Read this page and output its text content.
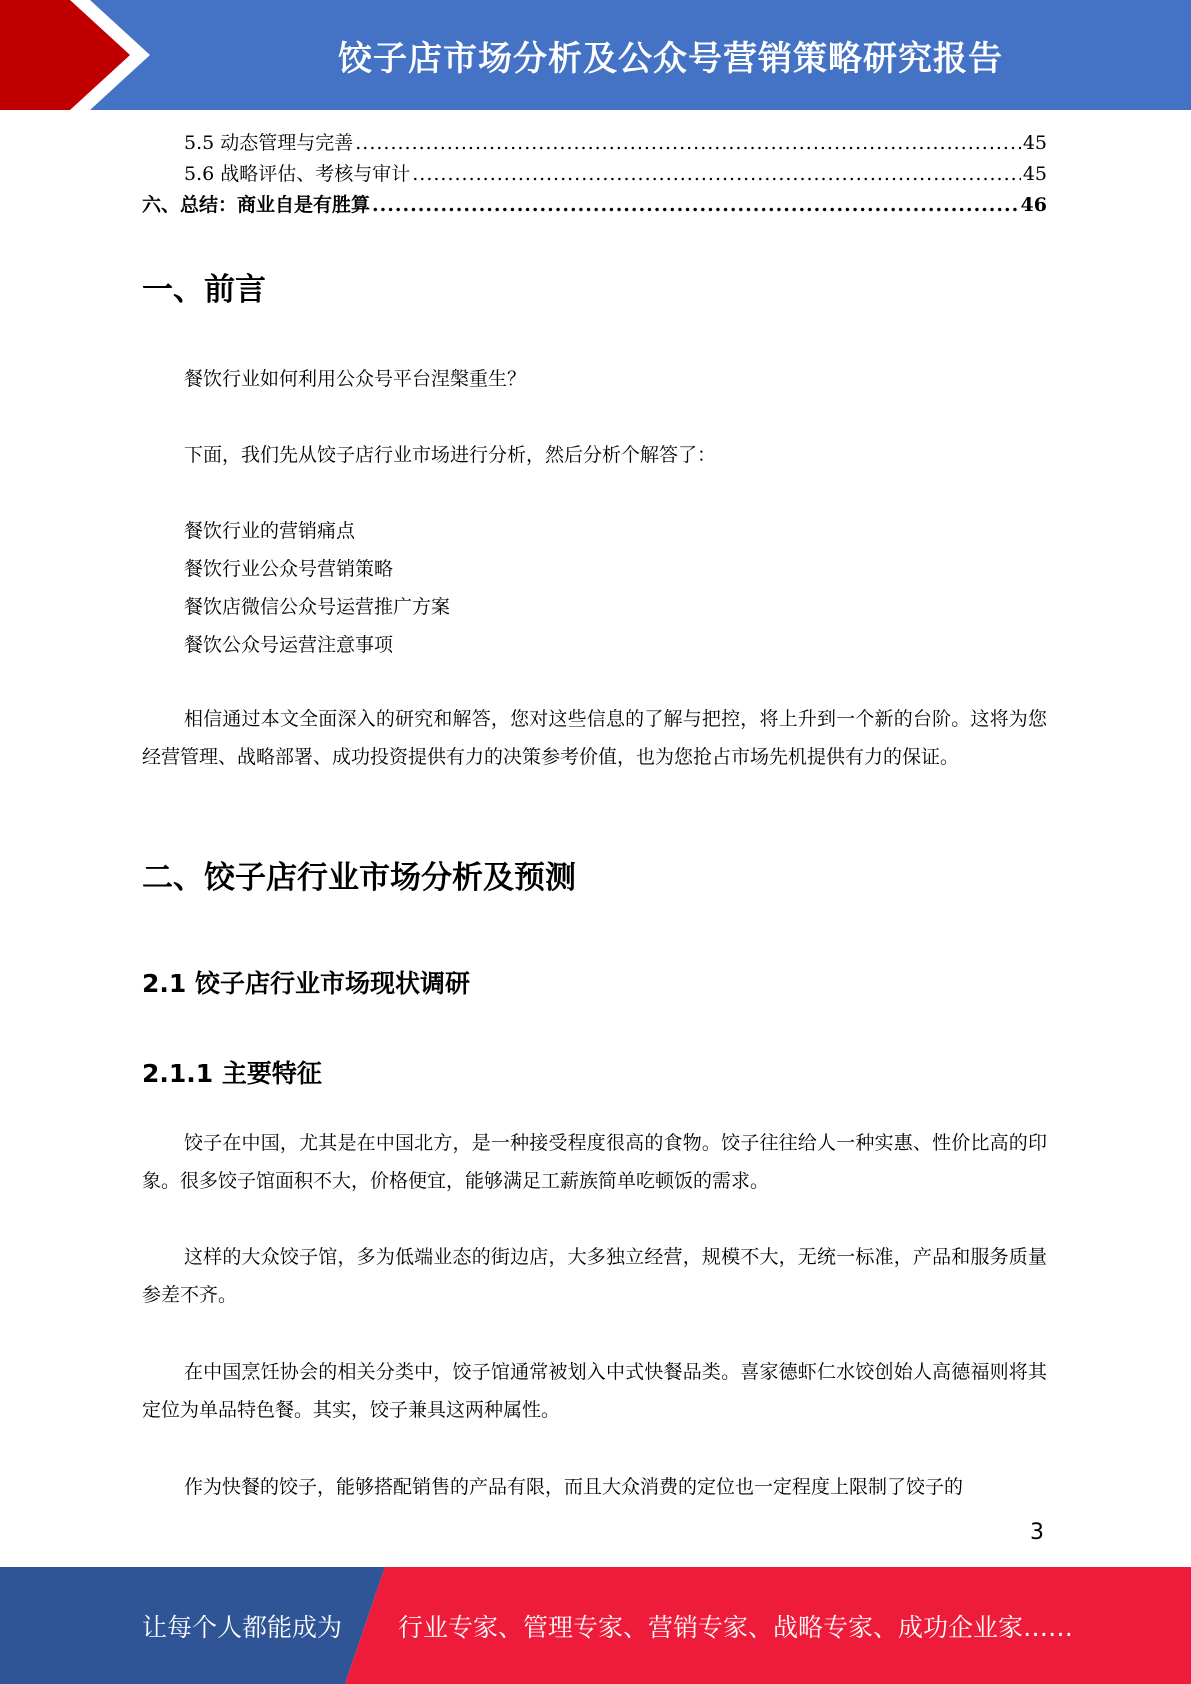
饺子店市场分析及公众号营销策略研究报告
5.5 动态管理与完善 .....	45
5.6 战略评估、考核与审计 .....	45
六、总结：商业自是有胜算 .....	46
一、前言

餐饮行业如何利用公众号平台涅槃重生？

下面，我们先从饺子店行业市场进行分析，然后分析个解答了：

餐饮行业的营销痛点

餐饮行业公众号营销策略

餐饮店微信公众号运营推广方案

餐饮公众号运营注意事项

相信通过本文全面深入的研究和解答，您对这些信息的了解与把控，将上升到一个新的台阶。这将为您经营管理、战略部署、成功投资提供有力的决策参考价值，也为您抢占市场先机提供有力的保证。

二、饺子店行业市场分析及预测
2.1 饺子店行业市场现状调研
2.1.1 主要特征

饺子在中国，尤其是在中国北方，是一种接受程度很高的食物。饺子往往给人一种实惠、性价比高的印象。很多饺子馆面积不大，价格便宜，能够满足工薪族简单吃顿饭的需求。

这样的大众饺子馆，多为低端业态的街边店，大多独立经营，规模不大，无统一标准，产品和服务质量参差不齐。

在中国烹饪协会的相关分类中，饺子馆通常被划入中式快餐品类。喜家德虾仁水饺创始人高德福则将其定位为单品特色餐。其实，饺子兼具这两种属性。

作为快餐的饺子，能够搭配销售的产品有限，而且大众消费的定位也一定程度上限制了饺子的

3
让每个人都能成为 行业专家、管理专家、营销专家、战略专家、成功企业家……
